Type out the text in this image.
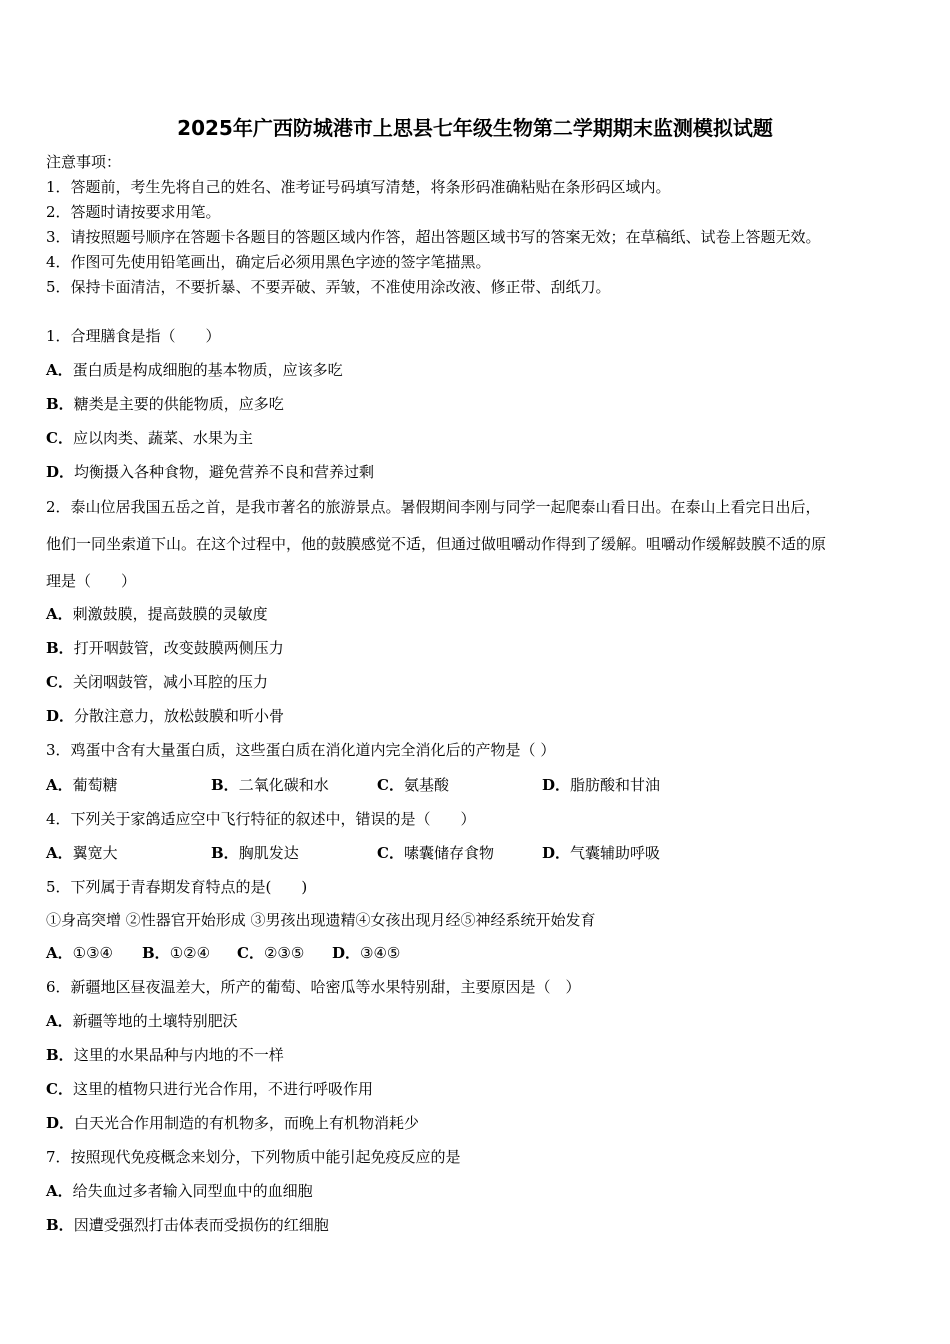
2025年广西防城港市上思县七年级生物第二学期期末监测模拟试题
注意事项：
1．答题前，考生先将自己的姓名、准考证号码填写清楚，将条形码准确粘贴在条形码区域内。
2．答题时请按要求用笔。
3．请按照题号顺序在答题卡各题目的答题区域内作答，超出答题区域书写的答案无效；在草稿纸、试卷上答题无效。
4．作图可先使用铅笔画出，确定后必须用黑色字迹的签字笔描黑。
5．保持卡面清洁，不要折暴、不要弄破、弄皱，不准使用涂改液、修正带、刮纸刀。
1．合理膳食是指（　　）
A．蛋白质是构成细胞的基本物质，应该多吃
B．糖类是主要的供能物质，应多吃
C．应以肉类、蔬菜、水果为主
D．均衡摄入各种食物，避免营养不良和营养过剩
2．泰山位居我国五岳之首，是我市著名的旅游景点。暑假期间李刚与同学一起爬泰山看日出。在泰山上看完日出后，
他们一同坐索道下山。在这个过程中，他的鼓膜感觉不适，但通过做咀嚼动作得到了缓解。咀嚼动作缓解鼓膜不适的原
理是（　　）
A．刺激鼓膜，提高鼓膜的灵敏度
B．打开咽鼓管，改变鼓膜两侧压力
C．关闭咽鼓管，减小耳腔的压力
D．分散注意力，放松鼓膜和听小骨
3．鸡蛋中含有大量蛋白质，这些蛋白质在消化道内完全消化后的产物是（ ）
A．葡萄糖	B．二氧化碳和水	C．氨基酸	D．脂肪酸和甘油
4．下列关于家鸽适应空中飞行特征的叙述中，错误的是（　　）
A．翼宽大	B．胸肌发达	C．嗉囊储存食物	D．气囊辅助呼吸
5．下列属于青春期发育特点的是(　　)
①身高突增 ②性器官开始形成 ③男孩出现遗精④女孩出现月经⑤神经系统开始发育
A．①③④ B．①②④ C．②③⑤ D．③④⑤
6．新疆地区昼夜温差大，所产的葡萄、哈密瓜等水果特别甜，主要原因是（　）
A．新疆等地的土壤特别肥沃
B．这里的水果品种与内地的不一样
C．这里的植物只进行光合作用，不进行呼吸作用
D．白天光合作用制造的有机物多，而晚上有机物消耗少
7．按照现代免疫概念来划分，下列物质中能引起免疫反应的是
A．给失血过多者输入同型血中的血细胞
B．因遭受强烈打击体表而受损伤的红细胞
